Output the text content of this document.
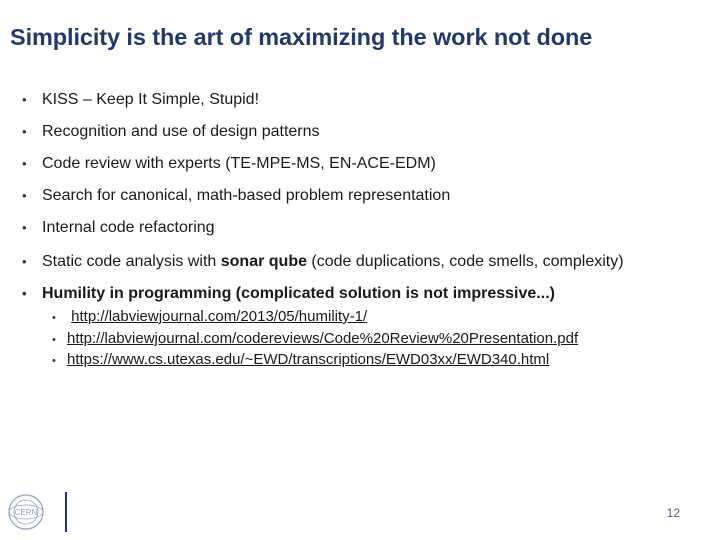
Simplicity is the art of maximizing the work not done
• KISS – Keep It Simple, Stupid!
• Recognition and use of design patterns
• Code review with experts (TE-MPE-MS, EN-ACE-EDM)
• Search for canonical, math-based problem representation
• Internal code refactoring
• Static code analysis with sonar qube (code duplications, code smells, complexity)
• Humility in programming (complicated solution is not impressive...)
• http://labviewjournal.com/2013/05/humility-1/
• http://labviewjournal.com/codereviews/Code%20Review%20Presentation.pdf
• https://www.cs.utexas.edu/~EWD/transcriptions/EWD03xx/EWD340.html
CERN	12
